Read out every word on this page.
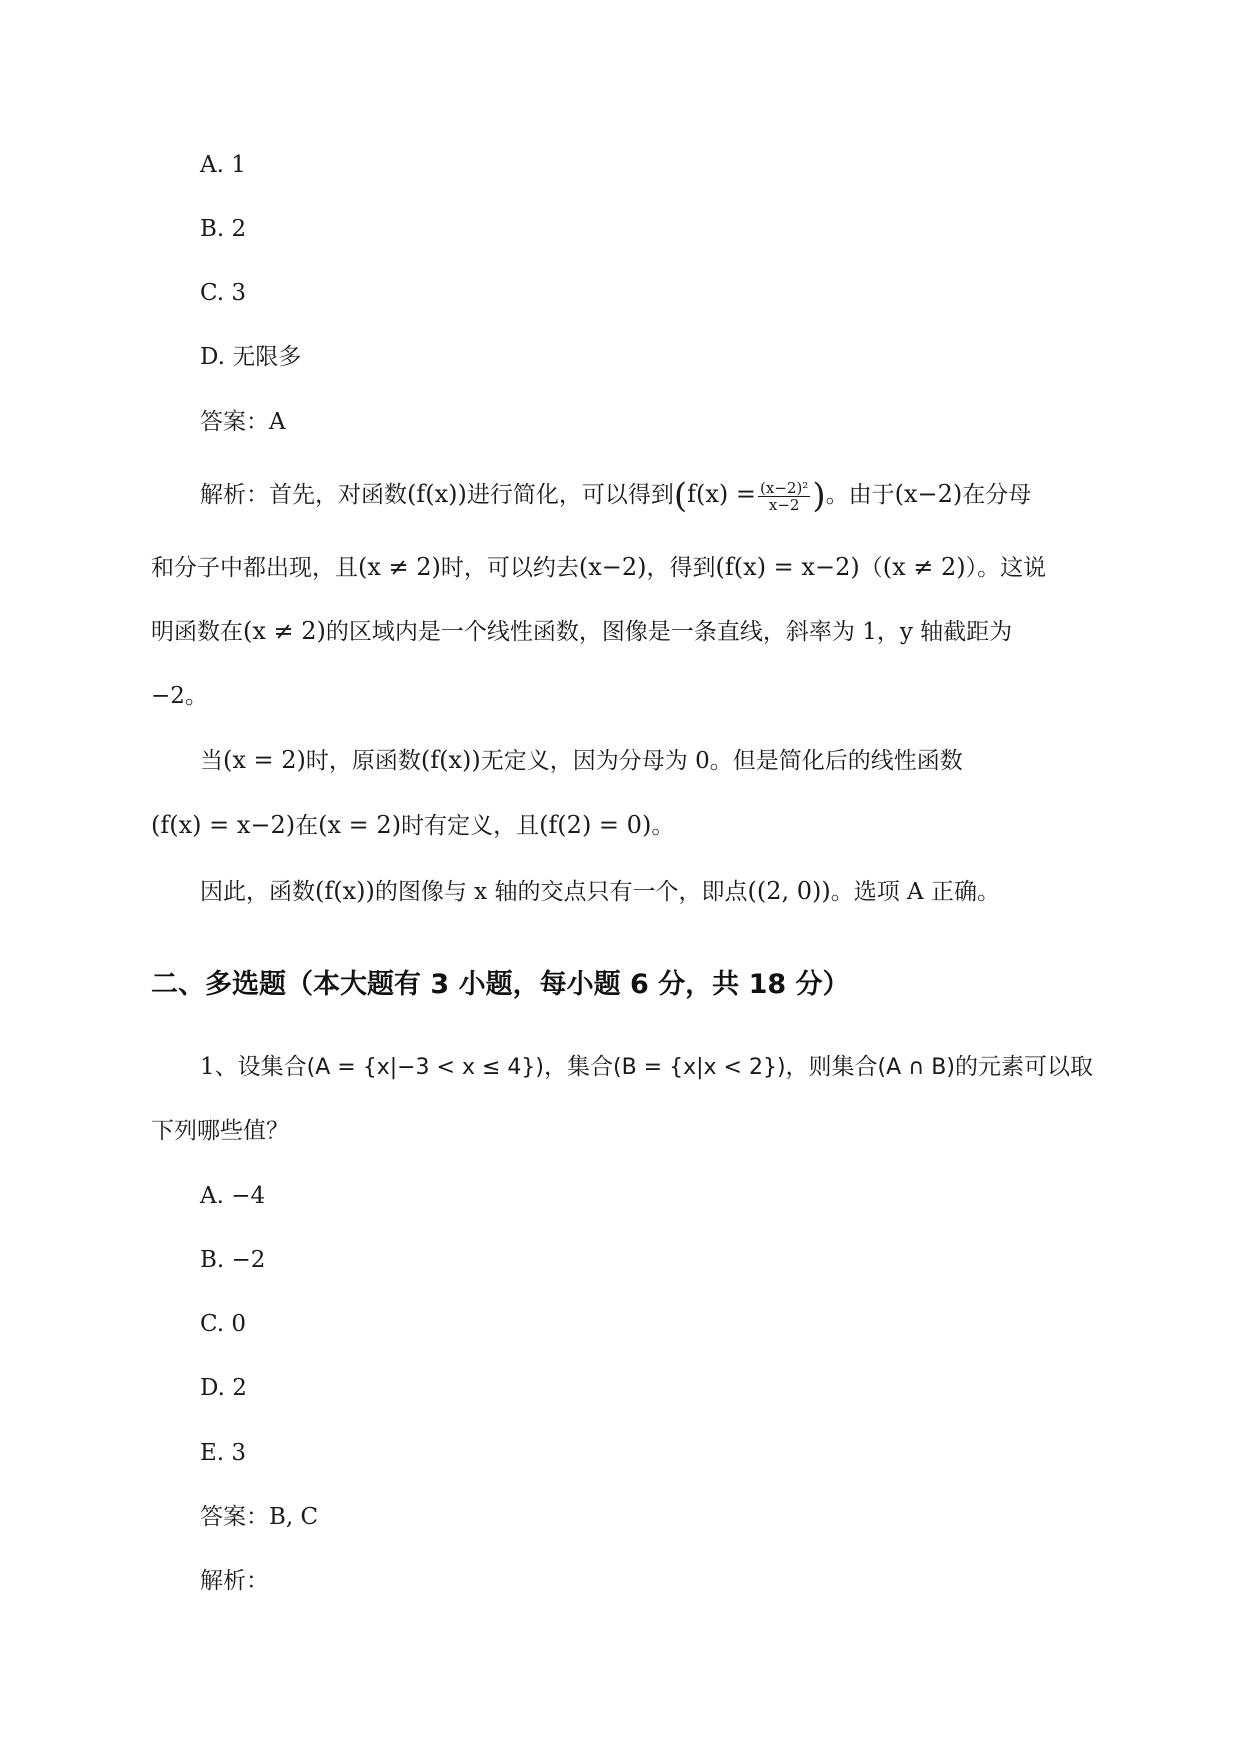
A. 1
B. 2
C. 3
D. 无限多
答案：A
解析：首先，对函数(f(x))进行简化，可以得到($f(x) = \frac{\text{(x−2)²}}{x-2}$ )。由于(x−2)在分母
和分子中都出现，且(x ≠ 2)时，可以约去(x−2)，得到(f(x) = x−2)（(x ≠ 2)）。这说
明函数在(x ≠ 2)的区域内是一个线性函数，图像是一条直线，斜率为 1，y 轴截距为
−2。
当(x = 2)时，原函数(f(x))无定义，因为分母为 0。但是简化后的线性函数
(f(x) = x−2)在(x = 2)时有定义，且(f(2) = 0)。
因此，函数(f(x))的图像与 x 轴的交点只有一个，即点((2, 0))。选项 A 正确。
二、多选题（本大题有 3 小题，每小题 6 分，共 18 分）
1、设集合(A = {x|−3 < x ≤ 4})，集合(B = {x|x < 2})，则集合(A ∩ B)的元素可以取
下列哪些值？
A. −4
B. −2
C. 0
D. 2
E. 3
答案：B, C
解析：
